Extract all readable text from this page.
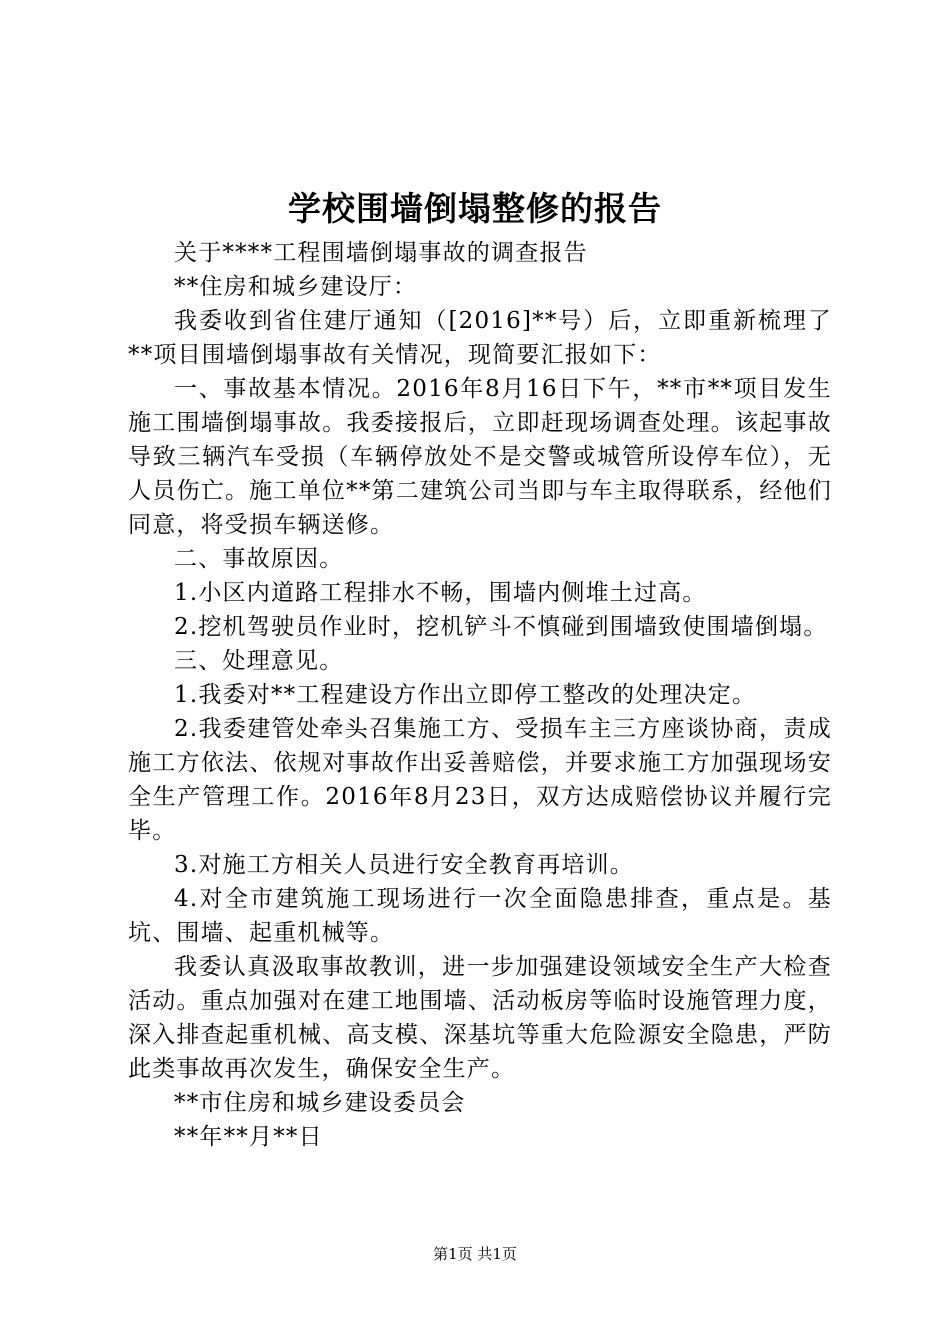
学校围墙倒塌整修的报告

关于****工程围墙倒塌事故的调查报告

**住房和城乡建设厅：

我委收到省住建厅通知（[2016]**号）后，立即重新梳理了**项目围墙倒塌事故有关情况，现简要汇报如下：

一、事故基本情况。2016年8月16日下午，**市**项目发生施工围墙倒塌事故。我委接报后，立即赶现场调查处理。该起事故导致三辆汽车受损（车辆停放处不是交警或城管所设停车位），无人员伤亡。施工单位**第二建筑公司当即与车主取得联系，经他们同意，将受损车辆送修。

二、事故原因。

1.小区内道路工程排水不畅，围墙内侧堆土过高。

2.挖机驾驶员作业时，挖机铲斗不慎碰到围墙致使围墙倒塌。

三、处理意见。

1.我委对**工程建设方作出立即停工整改的处理决定。

2.我委建管处牵头召集施工方、受损车主三方座谈协商，责成施工方依法、依规对事故作出妥善赔偿，并要求施工方加强现场安全生产管理工作。2016年8月23日，双方达成赔偿协议并履行完毕。

3.对施工方相关人员进行安全教育再培训。

4.对全市建筑施工现场进行一次全面隐患排查，重点是。基坑、围墙、起重机械等。

我委认真汲取事故教训，进一步加强建设领域安全生产大检查活动。重点加强对在建工地围墙、活动板房等临时设施管理力度，深入排查起重机械、高支模、深基坑等重大危险源安全隐患，严防此类事故再次发生，确保安全生产。

**市住房和城乡建设委员会

**年**月**日

第1页 共1页
